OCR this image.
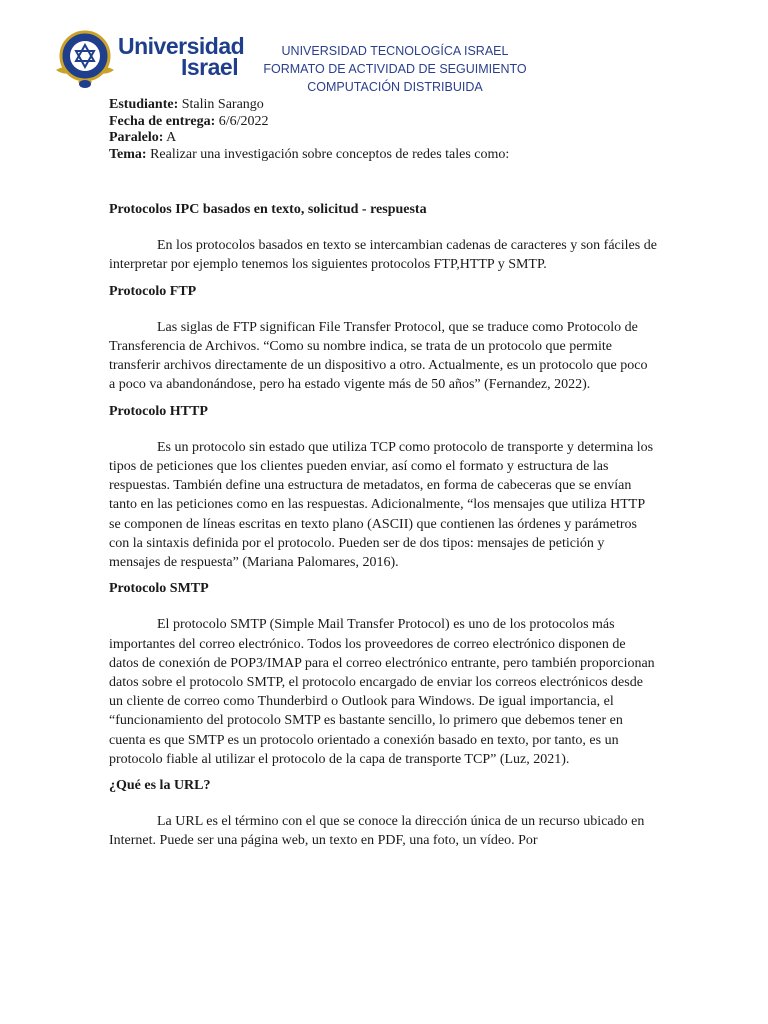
Universidad
Israel
UNIVERSIDAD TECNOLOGÍCA ISRAEL
FORMATO DE ACTIVIDAD DE SEGUIMIENTO
COMPUTACIÓN DISTRIBUIDA
Estudiante: Stalin Sarango
Fecha de entrega: 6/6/2022
Paralelo: A
Tema: Realizar una investigación sobre conceptos de redes tales como:

Protocolos IPC basados en texto, solicitud - respuesta

En los protocolos basados en texto se intercambian cadenas de caracteres y son fáciles de interpretar por ejemplo tenemos los siguientes protocolos FTP,HTTP y SMTP.

Protocolo FTP

Las siglas de FTP significan File Transfer Protocol, que se traduce como Protocolo de Transferencia de Archivos. “Como su nombre indica, se trata de un protocolo que permite transferir archivos directamente de un dispositivo a otro. Actualmente, es un protocolo que poco a poco va abandonándose, pero ha estado vigente más de 50 años” (Fernandez, 2022).

Protocolo HTTP

Es un protocolo sin estado que utiliza TCP como protocolo de transporte y determina los tipos de peticiones que los clientes pueden enviar, así como el formato y estructura de las respuestas. También define una estructura de metadatos, en forma de cabeceras que se envían tanto en las peticiones como en las respuestas. Adicionalmente, “los mensajes que utiliza HTTP se componen de líneas escritas en texto plano (ASCII) que contienen las órdenes y parámetros con la sintaxis definida por el protocolo. Pueden ser de dos tipos: mensajes de petición y mensajes de respuesta” (Mariana Palomares, 2016).

Protocolo SMTP

El protocolo SMTP (Simple Mail Transfer Protocol) es uno de los protocolos más importantes del correo electrónico. Todos los proveedores de correo electrónico disponen de datos de conexión de POP3/IMAP para el correo electrónico entrante, pero también proporcionan datos sobre el protocolo SMTP, el protocolo encargado de enviar los correos electrónicos desde un cliente de correo como Thunderbird o Outlook para Windows. De igual importancia, el “funcionamiento del protocolo SMTP es bastante sencillo, lo primero que debemos tener en cuenta es que SMTP es un protocolo orientado a conexión basado en texto, por tanto, es un protocolo fiable al utilizar el protocolo de la capa de transporte TCP” (Luz, 2021).

¿Qué es la URL?

La URL es el término con el que se conoce la dirección única de un recurso ubicado en Internet. Puede ser una página web, un texto en PDF, una foto, un vídeo. Por
